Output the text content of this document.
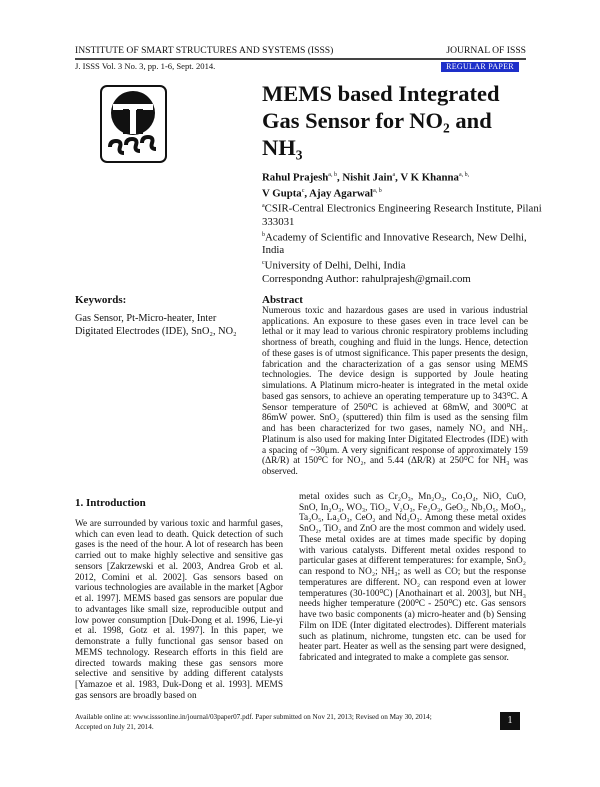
INSTITUTE OF SMART STRUCTURES AND SYSTEMS (ISSS)	JOURNAL OF ISSS
J. ISSS Vol. 3 No. 3, pp. 1-6, Sept. 2014.	REGULAR PAPER
MEMS based Integrated Gas Sensor for NO₂ and NH₃
Rahul Prajesh$^{a, b}$, Nishit Jain$^a$, V K Khanna$^{a, b,}$
V Gupta$^c$, Ajay Agarwal$^{a, b}$
$^a$CSIR-Central Electronics Engineering Research Institute, Pilani 333031
$^b$Academy of Scientific and Innovative Research, New Delhi, India
$^c$University of Delhi, Delhi, India
Correspondng Author: rahulprajesh@gmail.com
Keywords:
Gas Sensor, Pt-Micro-heater, Inter Digitated Electrodes (IDE), SnO₂, NO₂
Abstract

Numerous toxic and hazardous gases are used in various industrial applications. An exposure to these gases even in trace level can be lethal or it may lead to various chronic respiratory problems including shortness of breath, coughing and fluid in the lungs. Hence, detection of these gases is of utmost significance. This paper presents the design, fabrication and the characterization of a gas sensor using MEMS technologies. The device design is supported by Joule heating simulations. A Platinum micro-heater is integrated in the metal oxide based gas sensors, to achieve an operating temperature up to 343⁰C. A Sensor temperature of 250⁰C is achieved at 68mW, and 300⁰C at 86mW power. SnO₂ (sputtered) thin film is used as the sensing film and has been characterized for two gases, namely NO₂ and NH₃. Platinum is also used for making Inter Digitated Electrodes (IDE) with a spacing of ~30μm. A very significant response of approximately 159 (ΔR/R) at 150⁰C for NO₂, and 5.44 (ΔR/R) at 250⁰C for NH₃ was observed.

1. Introduction

We are surrounded by various toxic and harmful gases, which can even lead to death. Quick detection of such gases is the need of the hour. A lot of research has been carried out to make highly selective and sensitive gas sensors [Zakrzewski et al. 2003, Andrea Grob et al. 2012, Comini et al. 2002]. Gas sensors based on various technologies are available in the market [Agbor et al. 1997]. MEMS based gas sensors are popular due to advantages like small size, reproducible output and low power consumption [Duk-Dong et al. 1996, Lie-yi et al. 1998, Gotz et al. 1997]. In this paper, we demonstrate a fully functional gas sensor based on MEMS technology. Research efforts in this field are directed towards making these gas sensors more selective and sensitive by adding different catalysts [Yamazoe et al. 1983, Duk-Dong et al. 1993]. MEMS gas sensors are broadly based on

metal oxides such as Cr₂O₃, Mn₂O₃, Co₃O₄, NiO, CuO, SnO, In₂O₃, WO₃, TiO₂, V₂O₃, Fe₂O₃, GeO₂, Nb₂O₅, MoO₃, Ta₂O₅, La₂O₃, CeO₂ and Nd₂O₃. Among these metal oxides SnO₂, TiO₂ and ZnO are the most common and widely used. These metal oxides are at times made specific by doping with various catalysts. Different metal oxides respond to particular gases at different temperatures: for example, SnO₂ can respond to NO₂; NH₃; as well as CO; but the response temperatures are different. NO₂ can respond even at lower temperatures (30-100⁰C) [Anothainart et al. 2003], but NH₃ needs higher temperature (200⁰C - 250⁰C) etc. Gas sensors have two basic components (a) micro-heater and (b) Sensing Film on IDE (Inter digitated electrodes). Different materials such as platinum, nichrome, tungsten etc. can be used for heater part. Heater as well as the sensing part were designed, fabricated and integrated to make a complete gas sensor.

Available online at: www.isssonline.in/journal/03paper07.pdf. Paper submitted on Nov 21, 2013; Revised on May 30, 2014;
Accepted on July 21, 2014.
1
